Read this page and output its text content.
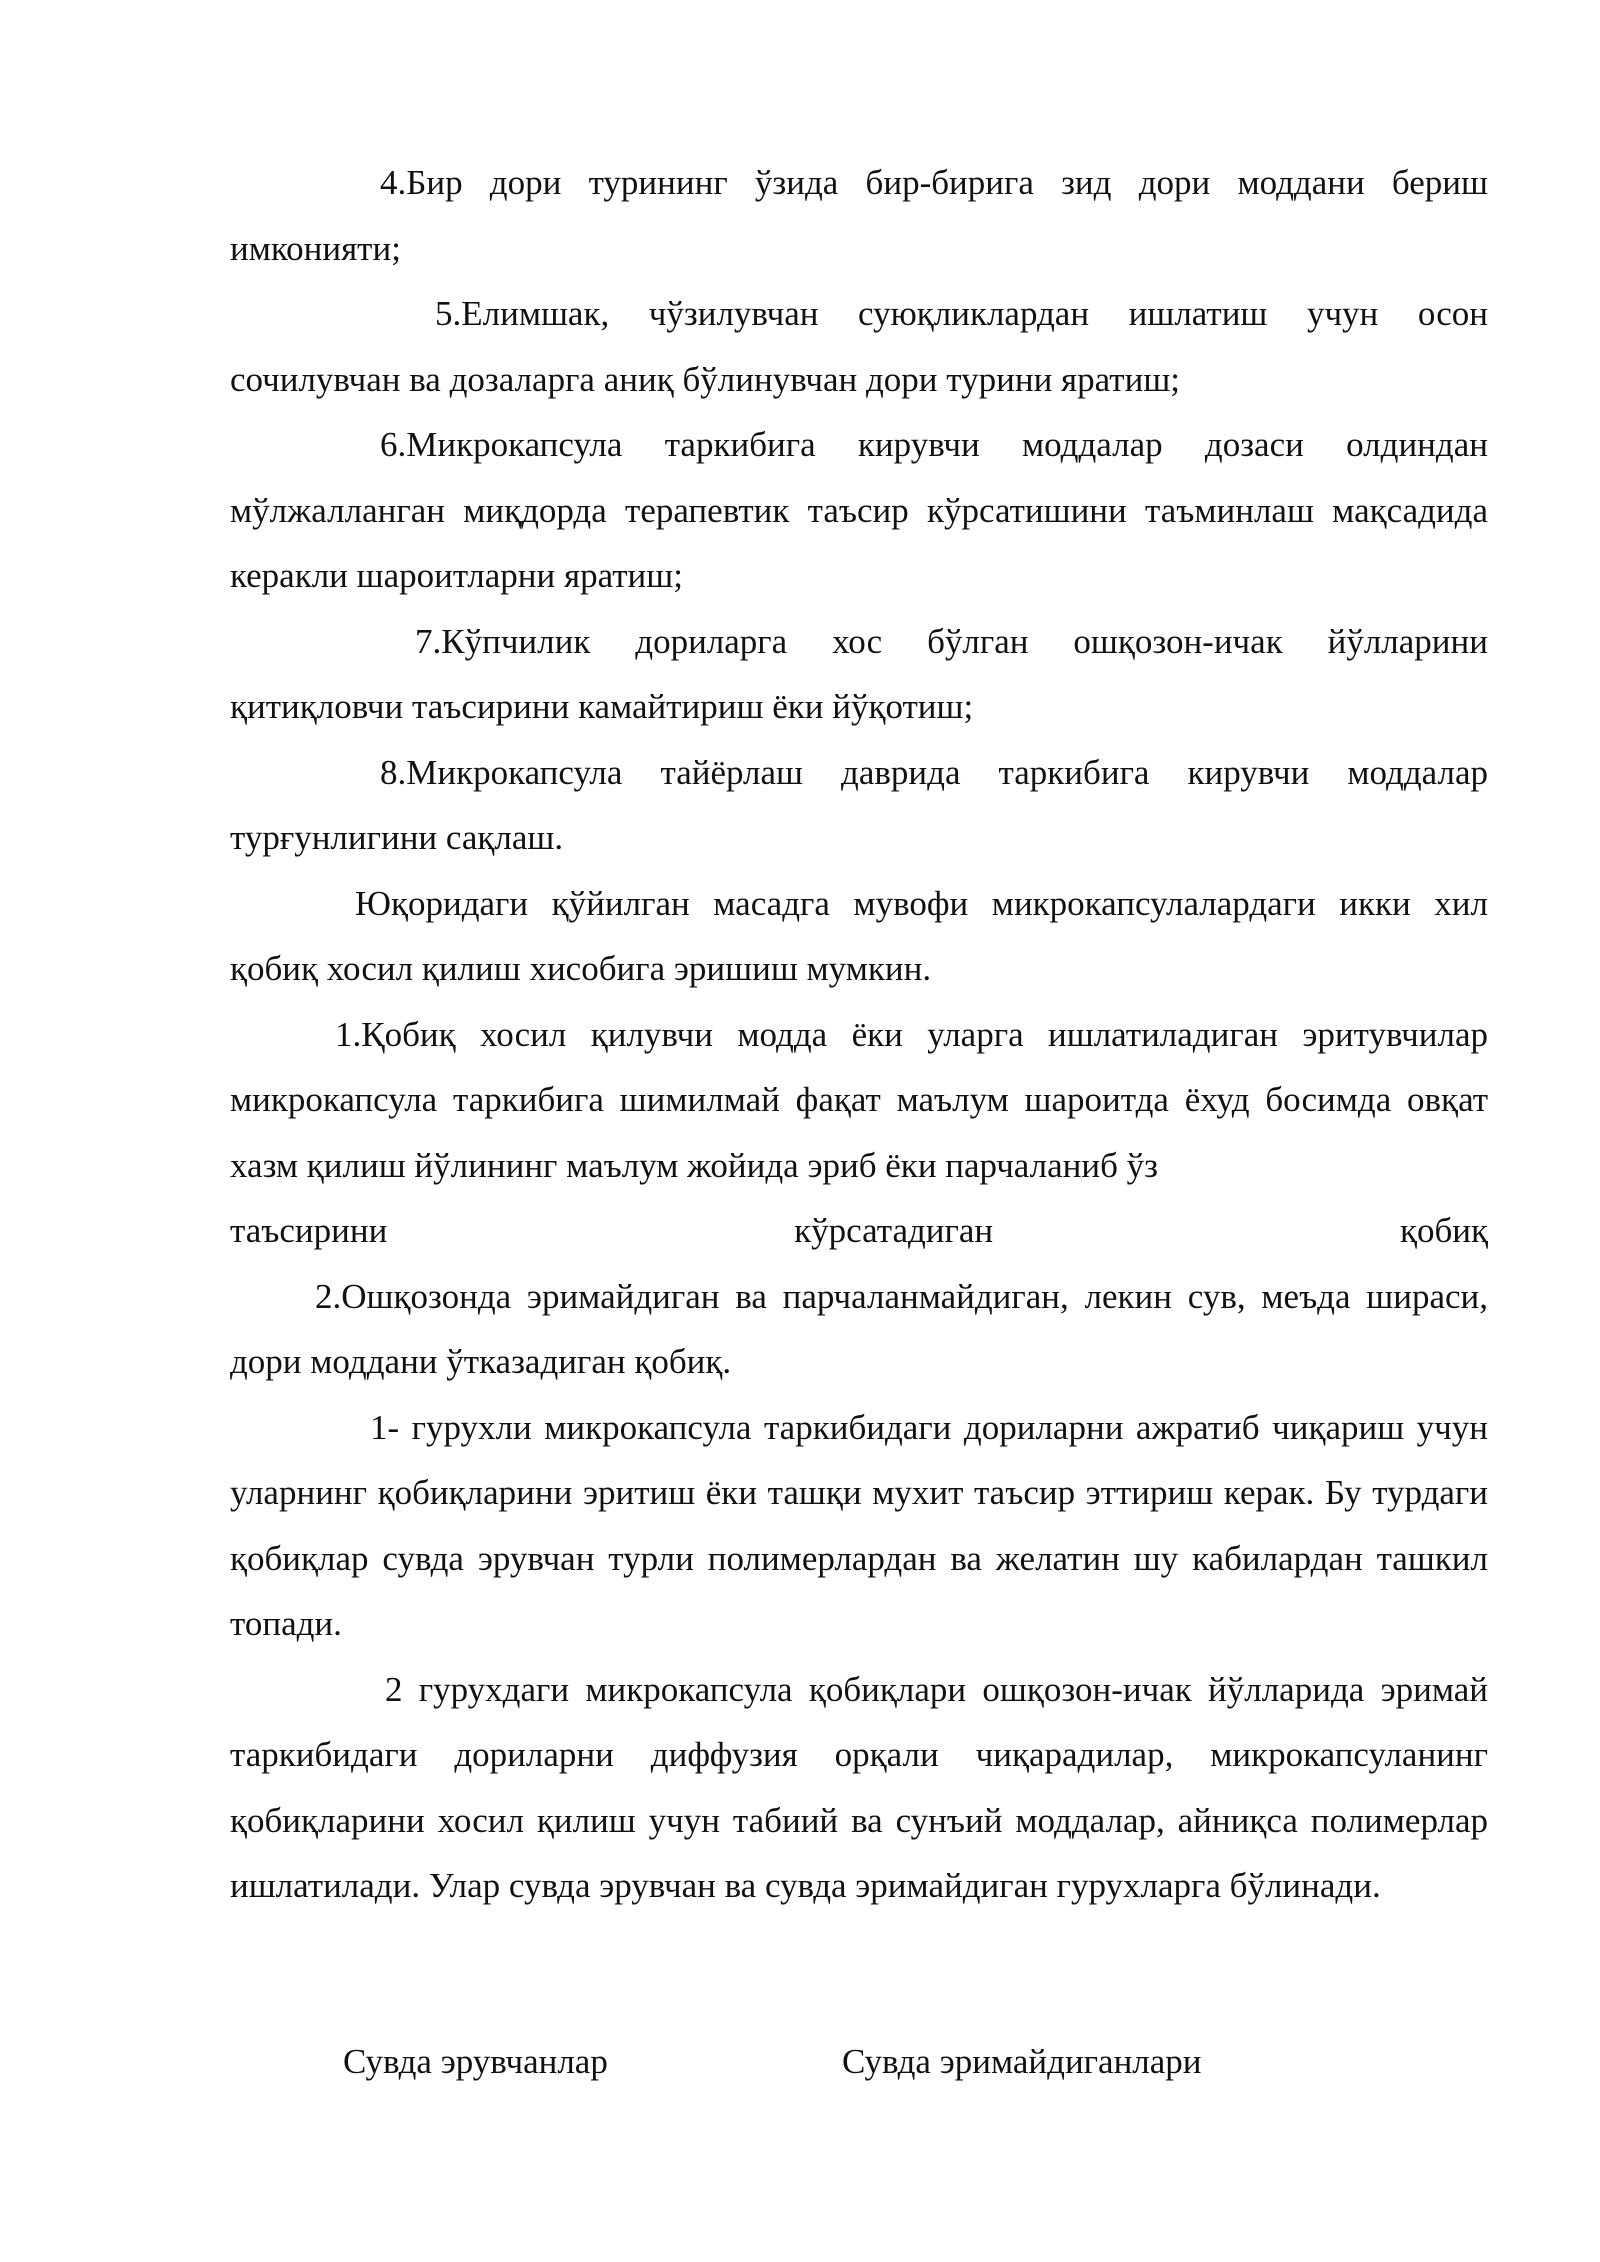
4.Бир дори турининг ўзида бир-бирига зид дори моддани бериш имконияти;

5.Елимшак, чўзилувчан суюқликлардан ишлатиш учун осон сочилувчан ва дозаларга аниқ бўлинувчан дори турини яратиш;

6.Микрокапсула таркибига кирувчи моддалар дозаси олдиндан мўлжалланган миқдорда терапевтик таъсир кўрсатишини таъминлаш мақсадида керакли шароитларни яратиш;

7.Кўпчилик дориларга хос бўлган ошқозон-ичак йўлларини қитиқловчи таъсирини камайтириш ёки йўқотиш;

8.Микрокапсула тайёрлаш даврида таркибига кирувчи моддалар турғунлигини сақлаш.

Юқоридаги қўйилган масадга мувофи микрокапсулалардаги икки хил қобиқ хосил қилиш хисобига эришиш мумкин.

1.Қобиқ хосил қилувчи модда ёки уларга ишлатиладиган эритувчилар микрокапсула таркибига шимилмай фақат маълум шароитда ёхуд босимда овқат хазм қилиш йўлининг маълум жойида эриб ёки парчаланиб ўз

таъсирини	кўрсатадиган	қобиқ

2.Ошқозонда эримайдиган ва парчаланмайдиган, лекин сув, меъда шираси, дори моддани ўтказадиган қобиқ.

1- гурухли микрокапсула таркибидаги дориларни ажратиб чиқариш учун уларнинг қобиқларини эритиш ёки ташқи мухит таъсир эттириш керак. Бу турдаги қобиқлар сувда эрувчан турли полимерлардан ва желатин шу кабилардан ташкил топади.

2 гурухдаги микрокапсула қобиқлари ошқозон-ичак йўлларида эримай таркибидаги дориларни диффузия орқали чиқарадилар, микрокапсуланинг қобиқларини хосил қилиш учун табиий ва сунъий моддалар, айниқса полимерлар ишлатилади. Улар сувда эрувчан ва сувда эримайдиган гурухларга бўлинади.

Сувда эрувчанлар	Сувда эримайдиганлари
